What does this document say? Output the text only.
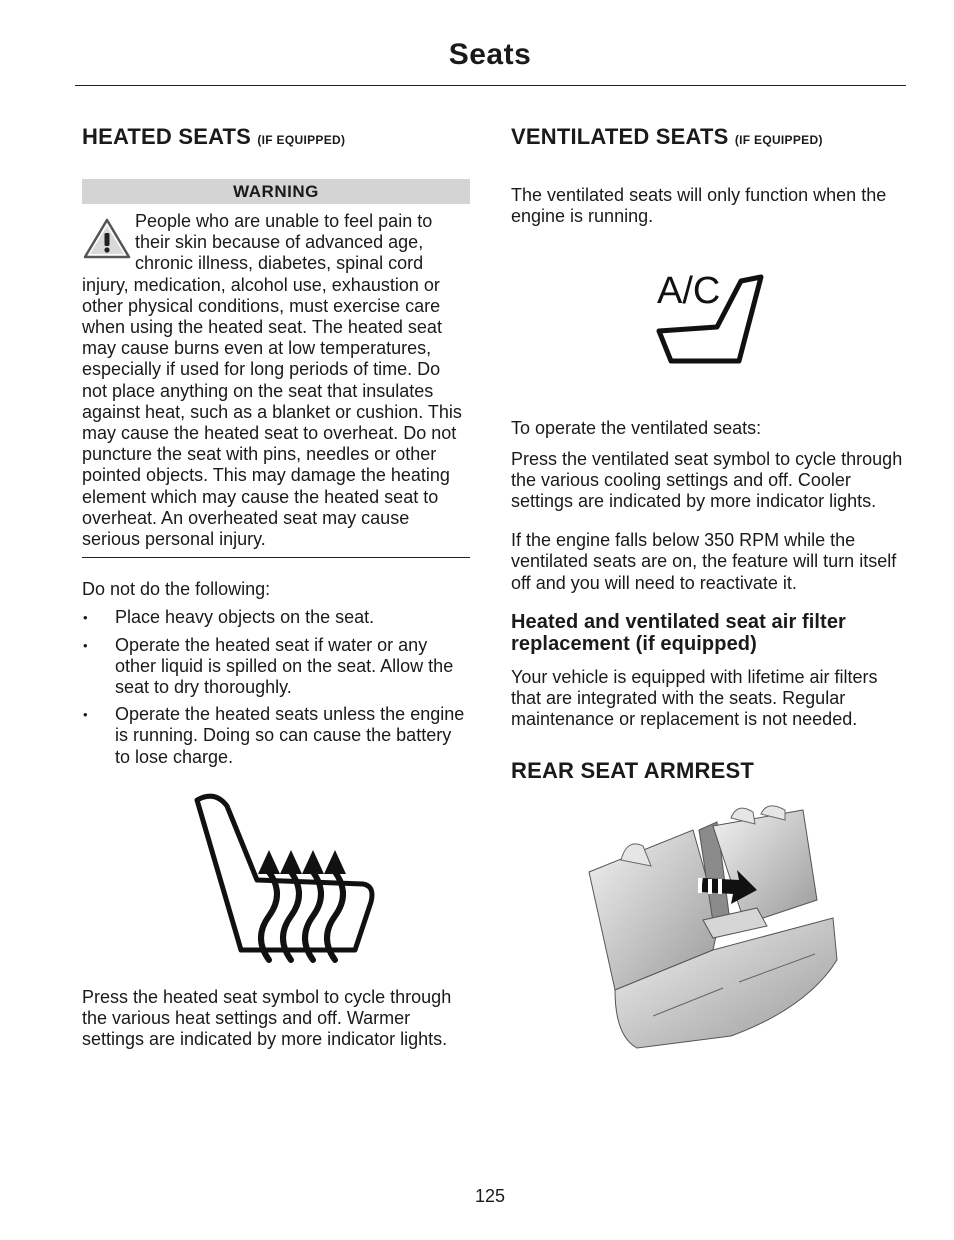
Seats
HEATED SEATS (IF EQUIPPED)
WARNING

People who are unable to feel pain to their skin because of advanced age, chronic illness, diabetes, spinal cord injury, medication, alcohol use, exhaustion or other physical conditions, must exercise care when using the heated seat. The heated seat may cause burns even at low temperatures, especially if used for long periods of time. Do not place anything on the seat that insulates against heat, such as a blanket or cushion. This may cause the heated seat to overheat. Do not puncture the seat with pins, needles or other pointed objects. This may damage the heating element which may cause the heated seat to overheat. An overheated seat may cause serious personal injury.

Do not do the following:

• Place heavy objects on the seat.
• Operate the heated seat if water or any other liquid is spilled on the seat. Allow the seat to dry thoroughly.
• Operate the heated seats unless the engine is running. Doing so can cause the battery to lose charge.

Press the heated seat symbol to cycle through the various heat settings and off. Warmer settings are indicated by more indicator lights.

VENTILATED SEATS (IF EQUIPPED)

The ventilated seats will only function when the engine is running.

A/C

To operate the ventilated seats:

Press the ventilated seat symbol to cycle through the various cooling settings and off. Cooler settings are indicated by more indicator lights.

If the engine falls below 350 RPM while the ventilated seats are on, the feature will turn itself off and you will need to reactivate it.

Heated and ventilated seat air filter replacement (if equipped)

Your vehicle is equipped with lifetime air filters that are integrated with the seats. Regular maintenance or replacement is not needed.

REAR SEAT ARMREST
125
